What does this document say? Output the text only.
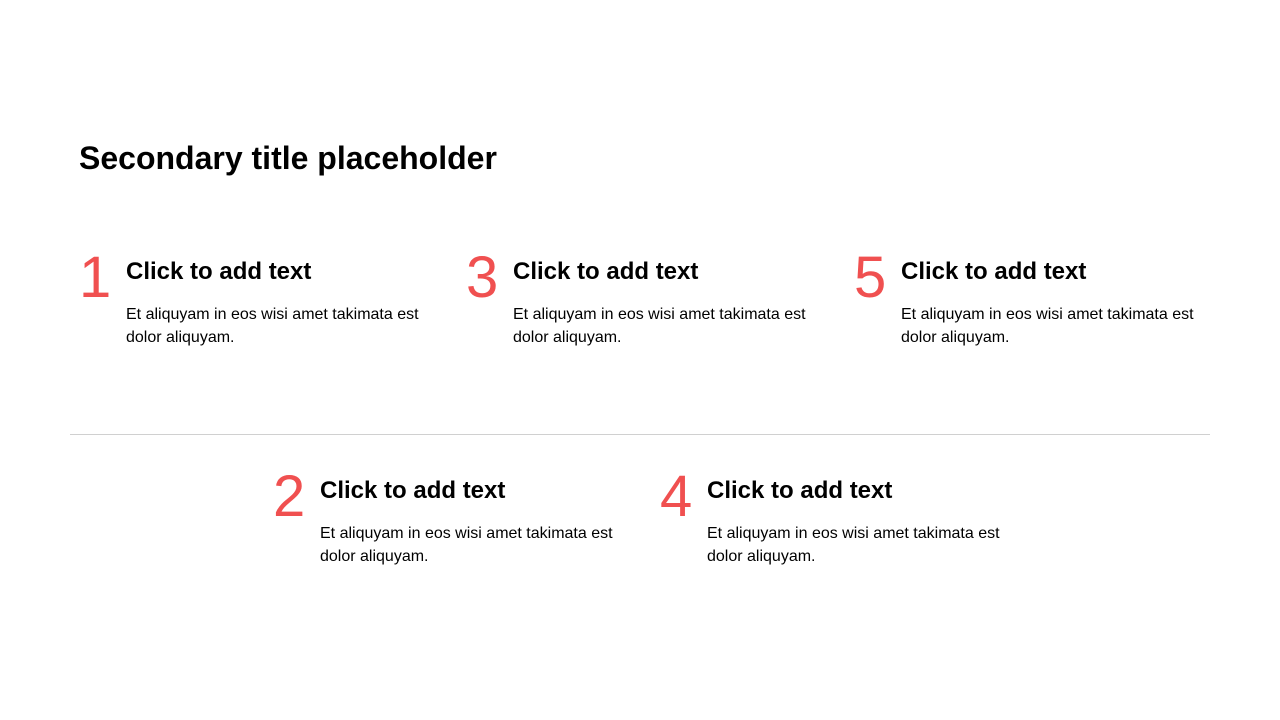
Secondary title placeholder
1 Click to add text

Et aliquyam in eos wisi amet takimata est dolor aliquyam.

3 Click to add text

Et aliquyam in eos wisi amet takimata est dolor aliquyam.

5 Click to add text

Et aliquyam in eos wisi amet takimata est dolor aliquyam.

2 Click to add text

Et aliquyam in eos wisi amet takimata est dolor aliquyam.

4 Click to add text

Et aliquyam in eos wisi amet takimata est dolor aliquyam.
